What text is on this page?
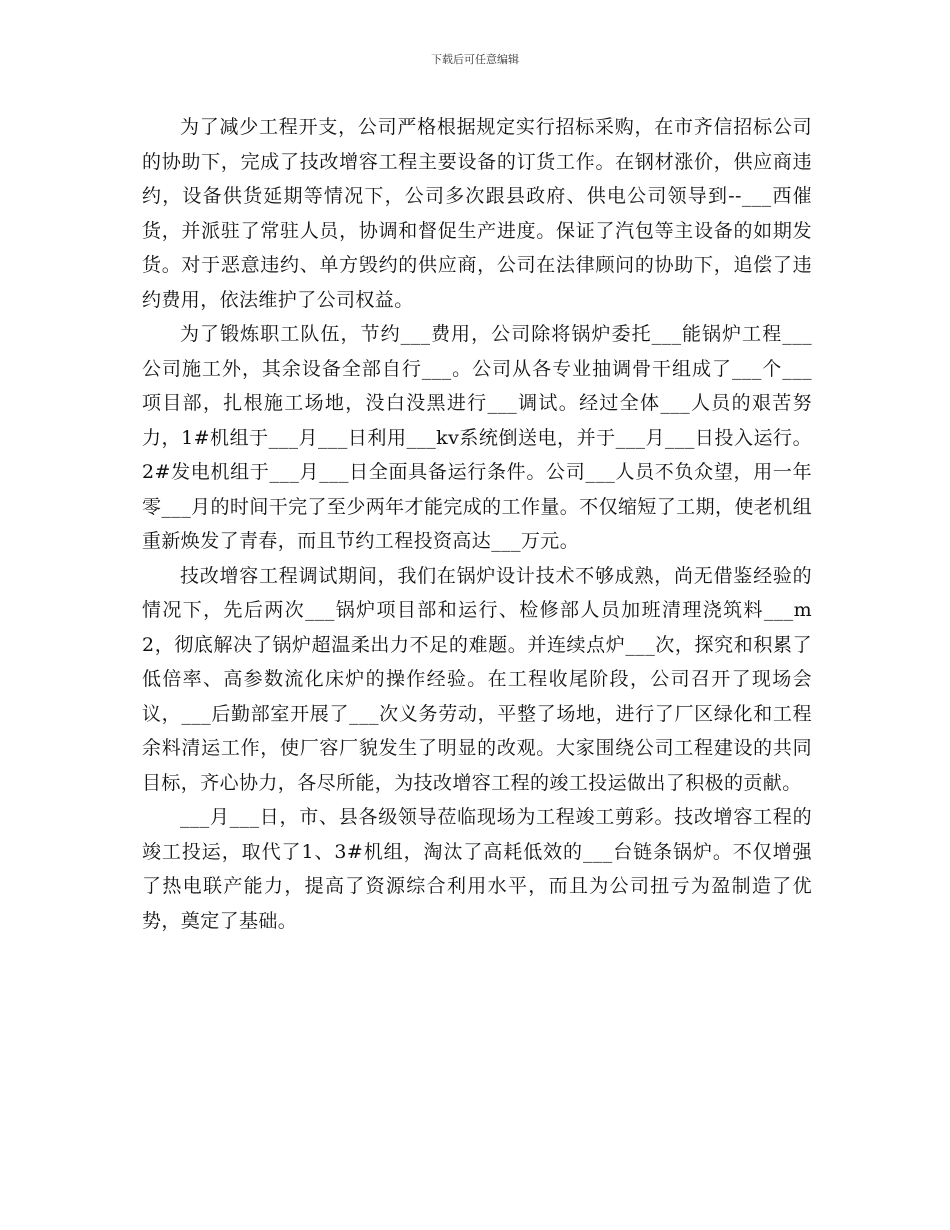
下载后可任意编辑

为了减少工程开支，公司严格根据规定实行招标采购，在市齐信招标公司的协助下，完成了技改增容工程主要设备的订货工作。在钢材涨价，供应商违约，设备供货延期等情况下，公司多次跟县政府、供电公司领导到--___西催货，并派驻了常驻人员，协调和督促生产进度。保证了汽包等主设备的如期发货。对于恶意违约、单方毁约的供应商，公司在法律顾问的协助下，追偿了违约费用，依法维护了公司权益。

为了锻炼职工队伍，节约___费用，公司除将锅炉委托___能锅炉工程___公司施工外，其余设备全部自行___。公司从各专业抽调骨干组成了___个___项目部，扎根施工场地，没白没黑进行___调试。经过全体___人员的艰苦努力，1#机组于___月___日利用___kv系统倒送电，并于___月___日投入运行。2#发电机组于___月___日全面具备运行条件。公司___人员不负众望，用一年零___月的时间干完了至少两年才能完成的工作量。不仅缩短了工期，使老机组重新焕发了青春，而且节约工程投资高达___万元。

技改增容工程调试期间，我们在锅炉设计技术不够成熟，尚无借鉴经验的情况下，先后两次___锅炉项目部和运行、检修部人员加班清理浇筑料___m2，彻底解决了锅炉超温柔出力不足的难题。并连续点炉___次，探究和积累了低倍率、高参数流化床炉的操作经验。在工程收尾阶段，公司召开了现场会议，___后勤部室开展了___次义务劳动，平整了场地，进行了厂区绿化和工程余料清运工作，使厂容厂貌发生了明显的改观。大家围绕公司工程建设的共同目标，齐心协力，各尽所能，为技改增容工程的竣工投运做出了积极的贡献。

___月___日，市、县各级领导莅临现场为工程竣工剪彩。技改增容工程的竣工投运，取代了1、3#机组，淘汰了高耗低效的___台链条锅炉。不仅增强了热电联产能力，提高了资源综合利用水平，而且为公司扭亏为盈制造了优势，奠定了基础。
